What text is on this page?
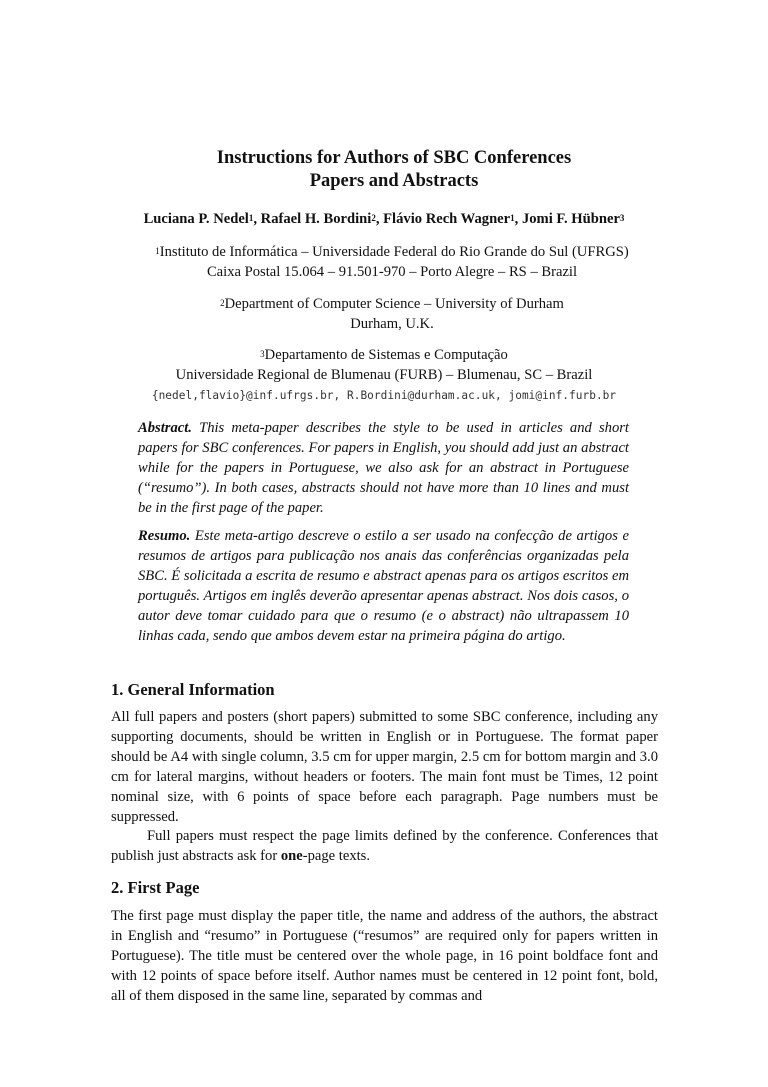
Instructions for Authors of SBC Conferences
Papers and Abstracts
Luciana P. Nedel$^1$, Rafael H. Bordini$^2$, Flávio Rech Wagner$^1$, Jomi F. Hübner$^3$
$^1$Instituto de Informática – Universidade Federal do Rio Grande do Sul (UFRGS)
Caixa Postal 15.064 – 91.501-970 – Porto Alegre – RS – Brazil
$^2$Department of Computer Science – University of Durham
Durham, U.K.
$^3$Departamento de Sistemas e Computação
Universidade Regional de Blumenau (FURB) – Blumenau, SC – Brazil
{nedel,flavio}@inf.ufrgs.br, R.Bordini@durham.ac.uk, jomi@inf.furb.br
Abstract. This meta-paper describes the style to be used in articles and short papers for SBC conferences. For papers in English, you should add just an abstract while for the papers in Portuguese, we also ask for an abstract in Portuguese (“resumo”). In both cases, abstracts should not have more than 10 lines and must be in the first page of the paper.
Resumo. Este meta-artigo descreve o estilo a ser usado na confecção de artigos e resumos de artigos para publicação nos anais das conferências organizadas pela SBC. É solicitada a escrita de resumo e abstract apenas para os artigos escritos em português. Artigos em inglês deverão apresentar apenas abstract. Nos dois casos, o autor deve tomar cuidado para que o resumo (e o abstract) não ultrapassem 10 linhas cada, sendo que ambos devem estar na primeira página do artigo.
1. General Information
All full papers and posters (short papers) submitted to some SBC conference, including any supporting documents, should be written in English or in Portuguese. The format paper should be A4 with single column, 3.5 cm for upper margin, 2.5 cm for bottom margin and 3.0 cm for lateral margins, without headers or footers. The main font must be Times, 12 point nominal size, with 6 points of space before each paragraph. Page numbers must be suppressed.
Full papers must respect the page limits defined by the conference. Conferences that publish just abstracts ask for one-page texts.
2. First Page
The first page must display the paper title, the name and address of the authors, the abstract in English and “resumo” in Portuguese (“resumos” are required only for papers written in Portuguese). The title must be centered over the whole page, in 16 point boldface font and with 12 points of space before itself. Author names must be centered in 12 point font, bold, all of them disposed in the same line, separated by commas and
